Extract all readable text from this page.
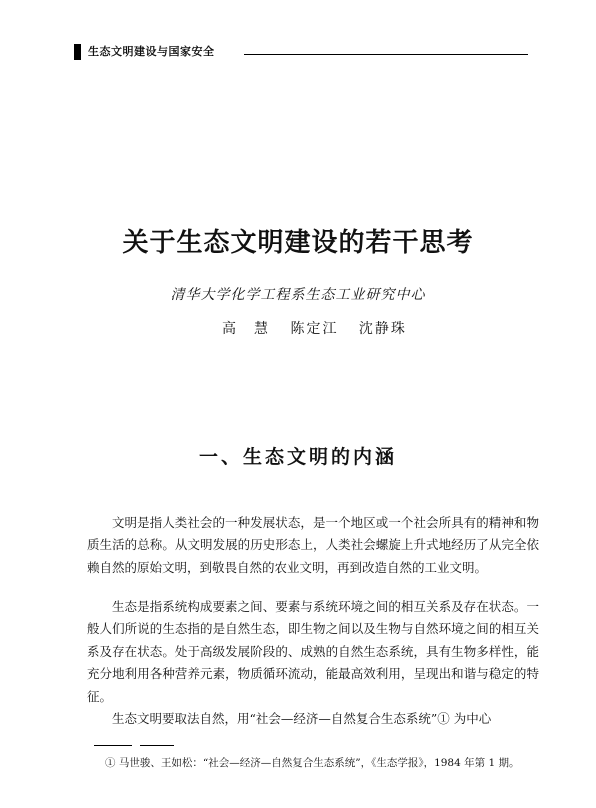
生态文明建设与国家安全
关于生态文明建设的若干思考
清华大学化学工程系生态工业研究中心
高　慧 陈定江 沈静珠
一、生态文明的内涵

文明是指人类社会的一种发展状态，是一个地区或一个社会所具有的精神和物质生活的总称。从文明发展的历史形态上，人类社会螺旋上升式地经历了从完全依赖自然的原始文明，到敬畏自然的农业文明，再到改造自然的工业文明。

生态是指系统构成要素之间、要素与系统环境之间的相互关系及存在状态。一般人们所说的生态指的是自然生态，即生物之间以及生物与自然环境之间的相互关系及存在状态。处于高级发展阶段的、成熟的自然生态系统，具有生物多样性，能充分地利用各种营养元素，物质循环流动，能最高效利用，呈现出和谐与稳定的特征。

生态文明要取法自然，用“社会—经济—自然复合生态系统”① 为中心

① 马世骏、王如松：“社会—经济—自然复合生态系统”，《生态学报》，1984 年第 1 期。
